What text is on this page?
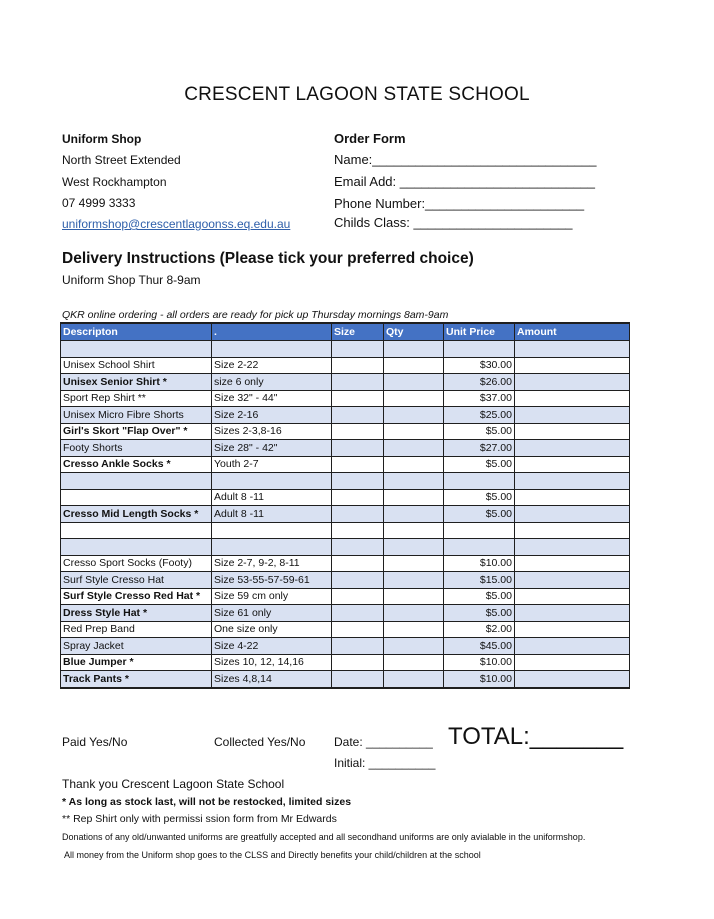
CRESCENT LAGOON STATE SCHOOL
Uniform Shop
North Street Extended
West Rockhampton
07 4999 3333
uniformshop@crescentlagoonss.eq.edu.au
Order Form
Name:_______________________________
Email Add: ___________________________
Phone Number:______________________
Childs Class: ______________________
Delivery Instructions (Please tick your preferred choice)
Uniform Shop Thur 8-9am
QKR online ordering - all orders are ready for pick up Thursday mornings 8am-9am
Descripton	.	Size	Qty	Unit Price	Amount

Unisex School Shirt	Size 2-22			$30.00	
Unisex Senior Shirt *	size 6 only			$26.00	
Sport Rep Shirt **	Size 32" - 44"			$37.00	
Unisex Micro Fibre Shorts	Size 2-16			$25.00	
Girl's Skort "Flap Over" *	Sizes 2-3,8-16			$5.00	
Footy Shorts	Size 28" - 42"			$27.00	
Cresso Ankle Socks *	Youth 2-7			$5.00	

	Adult 8 -11			$5.00	
Cresso Mid Length Socks *	Adult 8 -11			$5.00	

Cresso Sport Socks (Footy)	Size 2-7, 9-2, 8-11			$10.00	
Surf Style Cresso Hat	Size 53-55-57-59-61			$15.00	
Surf Style Cresso Red Hat *	Size 59 cm only			$5.00	
Dress Style Hat *	Size 61 only			$5.00	
Red Prep Band	One size only			$2.00	
Spray Jacket	Size 4-22			$45.00	
Blue Jumper *	Sizes 10, 12, 14,16			$10.00	
Track Pants *	Sizes 4,8,14			$10.00	
Paid Yes/No	Collected Yes/No Date: __________ TOTAL:_______
Initial: __________
Thank you Crescent Lagoon State School
* As long as stock last, will not be restocked, limited sizes
** Rep Shirt only with permissi ssion form from Mr Edwards
Donations of any old/unwanted uniforms are greatfully accepted and all secondhand uniforms are only avialable in the uniformshop.
All money from the Uniform shop goes to the CLSS and Directly benefits your child/children at the school
